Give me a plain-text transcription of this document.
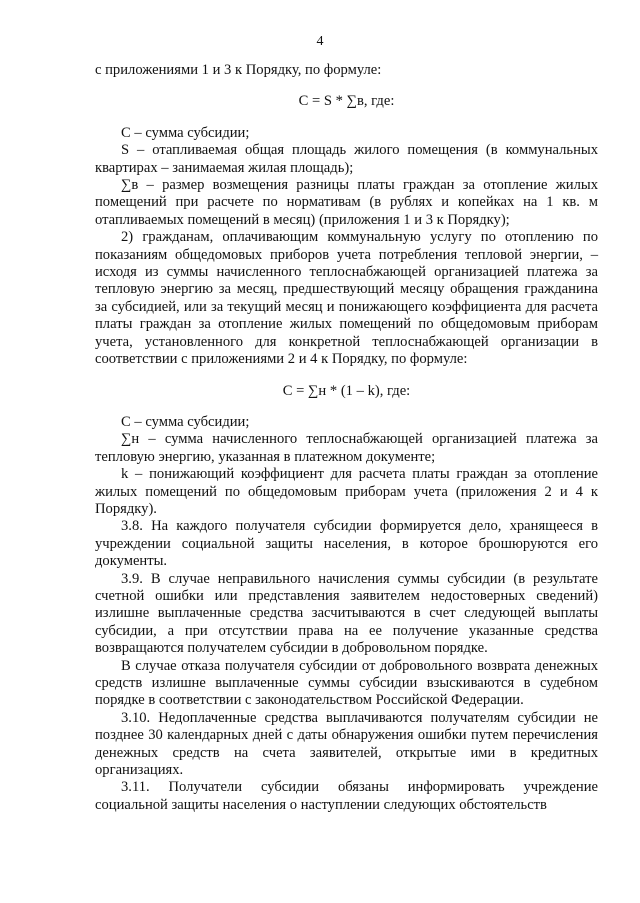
4

с приложениями 1 и 3 к Порядку, по формуле:

С = S * ∑в, где:

С – сумма субсидии;

S – отапливаемая общая площадь жилого помещения (в коммунальных квартирах – занимаемая жилая площадь);

∑в – размер возмещения разницы платы граждан за отопление жилых помещений при расчете по нормативам (в рублях и копейках на 1 кв. м отапливаемых помещений в месяц) (приложения 1 и 3 к Порядку);

2) гражданам, оплачивающим коммунальную услугу по отоплению по показаниям общедомовых приборов учета потребления тепловой энергии, – исходя из суммы начисленного теплоснабжающей организацией платежа за тепловую энергию за месяц, предшествующий месяцу обращения гражданина за субсидией, или за текущий месяц и понижающего коэффициента для расчета платы граждан за отопление жилых помещений по общедомовым приборам учета, установленного для конкретной теплоснабжающей организации в соответствии с приложениями 2 и 4 к Порядку, по формуле:

С = ∑н * (1 – k), где:

С – сумма субсидии;

∑н – сумма начисленного теплоснабжающей организацией платежа за тепловую энергию, указанная в платежном документе;

k – понижающий коэффициент для расчета платы граждан за отопление жилых помещений по общедомовым приборам учета (приложения 2 и 4 к Порядку).

3.8. На каждого получателя субсидии формируется дело, хранящееся в учреждении социальной защиты населения, в которое брошюруются его документы.

3.9. В случае неправильного начисления суммы субсидии (в результате счетной ошибки или представления заявителем недостоверных сведений) излишне выплаченные средства засчитываются в счет следующей выплаты субсидии, а при отсутствии права на ее получение указанные средства возвращаются получателем субсидии в добровольном порядке.

В случае отказа получателя субсидии от добровольного возврата денежных средств излишне выплаченные суммы субсидии взыскиваются в судебном порядке в соответствии с законодательством Российской Федерации.

3.10. Недоплаченные средства выплачиваются получателям субсидии не позднее 30 календарных дней с даты обнаружения ошибки путем перечисления денежных средств на счета заявителей, открытые ими в кредитных организациях.

3.11. Получатели субсидии обязаны информировать учреждение социальной защиты населения о наступлении следующих обстоятельств
